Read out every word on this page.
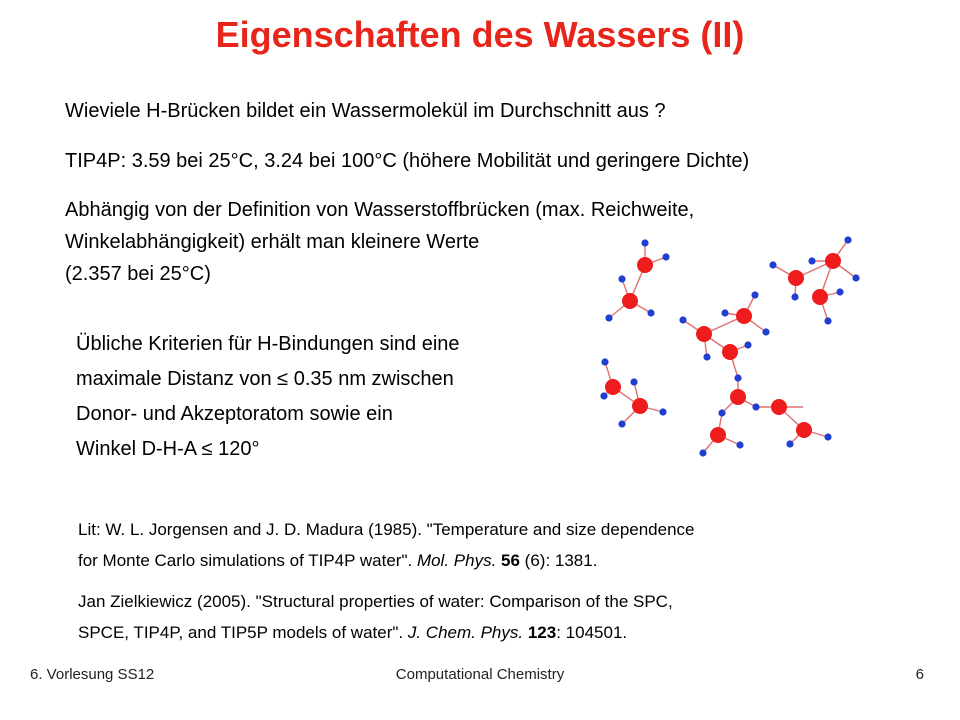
Eigenschaften des Wassers (II)
Wieviele H-Brücken bildet ein Wassermolekül im Durchschnitt aus ?
TIP4P: 3.59 bei 25°C, 3.24 bei 100°C (höhere Mobilität und geringere Dichte)
Abhängig von der Definition von Wasserstoffbrücken (max. Reichweite,
Winkelabhängigkeit) erhält man kleinere Werte
(2.357 bei 25°C)
Übliche Kriterien für H-Bindungen sind eine
maximale Distanz von ≤ 0.35 nm zwischen
Donor- und Akzeptoratom sowie ein
Winkel D-H-A ≤ 120°
Lit: W. L. Jorgensen and J. D. Madura (1985). "Temperature and size dependence
for Monte Carlo simulations of TIP4P water". Mol. Phys. 56 (6): 1381.
Jan Zielkiewicz (2005). "Structural properties of water: Comparison of the SPC,
SPCE, TIP4P, and TIP5P models of water". J. Chem. Phys. 123: 104501.
6. Vorlesung SS12	Computational Chemistry	6
